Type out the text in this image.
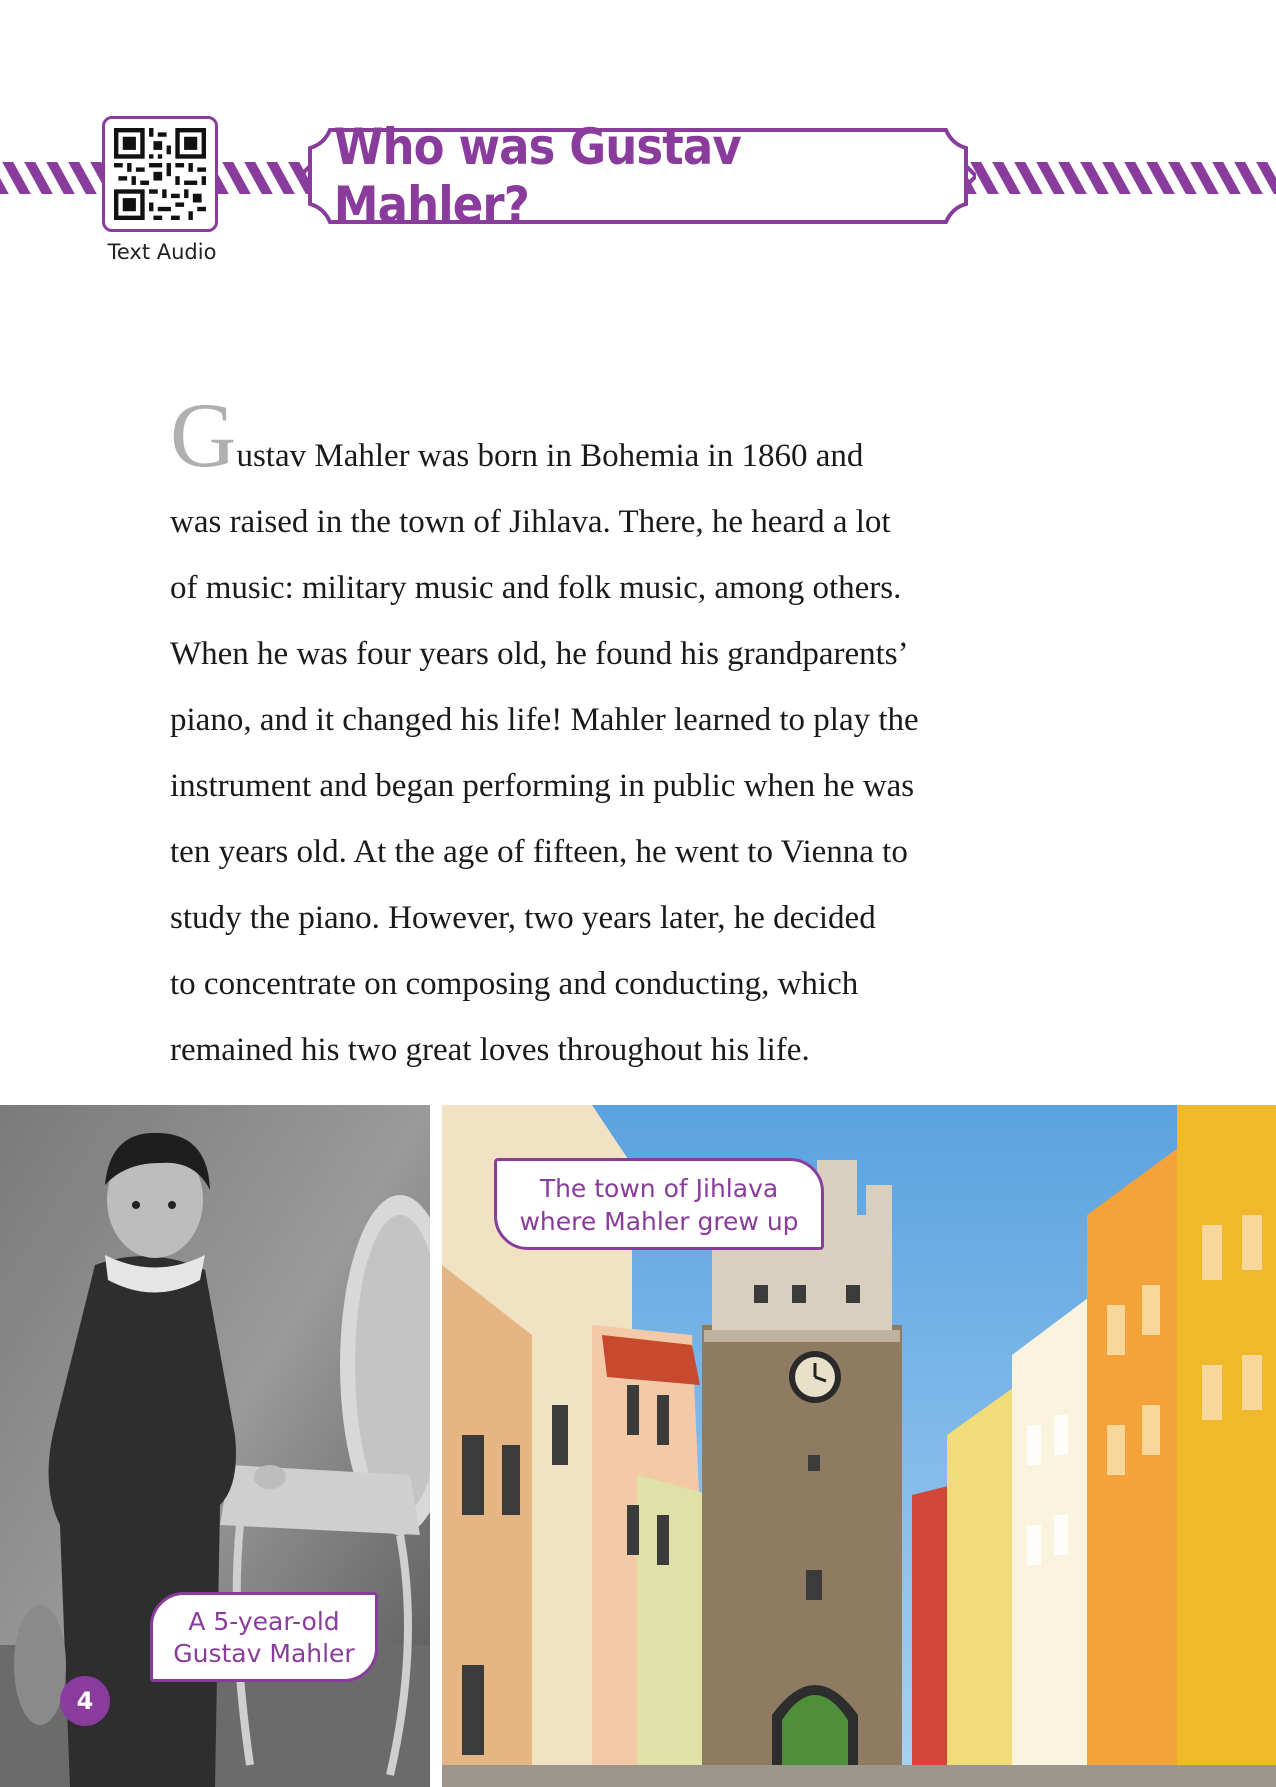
Text Audio
Who was Gustav Mahler?
Gustav Mahler was born in Bohemia in 1860 and
was raised in the town of Jihlava. There, he heard a lot
of music: military music and folk music, among others.
When he was four years old, he found his grandparents’
piano, and it changed his life! Mahler learned to play the
instrument and began performing in public when he was
ten years old. At the age of fifteen, he went to Vienna to
study the piano. However, two years later, he decided
to concentrate on composing and conducting, which
remained his two great loves throughout his life.
A 5-year-old
Gustav Mahler
The town of Jihlava
where Mahler grew up
4
